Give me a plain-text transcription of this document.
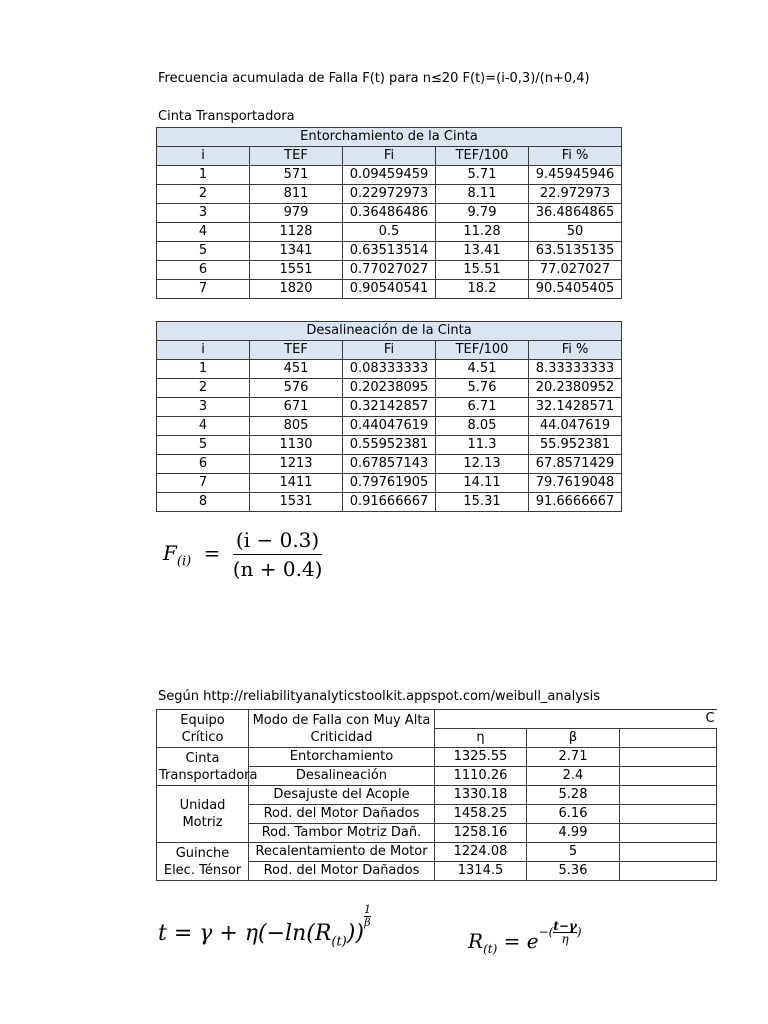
Frecuencia acumulada de Falla F(t) para n≤20 F(t)=(i-0,3)/(n+0,4)
Cinta Transportadora
Entorchamiento de la Cinta				
i	TEF	Fi	TEF/100	Fi %
1	571	0.09459459	5.71	9.45945946
2	811	0.22972973	8.11	22.972973
3	979	0.36486486	9.79	36.4864865
4	1128	0.5	11.28	50
5	1341	0.63513514	13.41	63.5135135
6	1551	0.77027027	15.51	77.027027
7	1820	0.90540541	18.2	90.5405405
Desalineación de la Cinta				
i	TEF	Fi	TEF/100	Fi %
1	451	0.08333333	4.51	8.33333333
2	576	0.20238095	5.76	20.2380952
3	671	0.32142857	6.71	32.1428571
4	805	0.44047619	8.05	44.047619
5	1130	0.55952381	11.3	55.952381
6	1213	0.67857143	12.13	67.8571429
7	1411	0.79761905	14.11	79.7619048
8	1531	0.91666667	15.31	91.6666667
$F_{(i)} = \frac{(i - 0.3)}{(n + 0.4)}$
Según http://reliabilityanalyticstoolkit.appspot.com/weibull_analysis
Equipo Crítico	Modo de Falla con Muy Alta Criticidad	C		
		η	β	
Cinta Transportadora	Entorchamiento	1325.55	2.71	
	Desalineación	1110.26	2.4	
Unidad Motriz	Desajuste del Acople	1330.18	5.28	
	Rod. del Motor Dañados	1458.25	6.16	
	Rod. Tambor Motriz Dañ.	1258.16	4.99	
Guinche Elec. Ténsor	Recalentamiento de Motor	1224.08	5	
	Rod. del Motor Dañados	1314.5	5.36	
$t = \gamma + \eta(-\ln(R_{(t)}))$
$^{\frac{1}{\beta}}$
$R_{(t)} = e^{-( \frac{t-\gamma}{\eta} )}$
